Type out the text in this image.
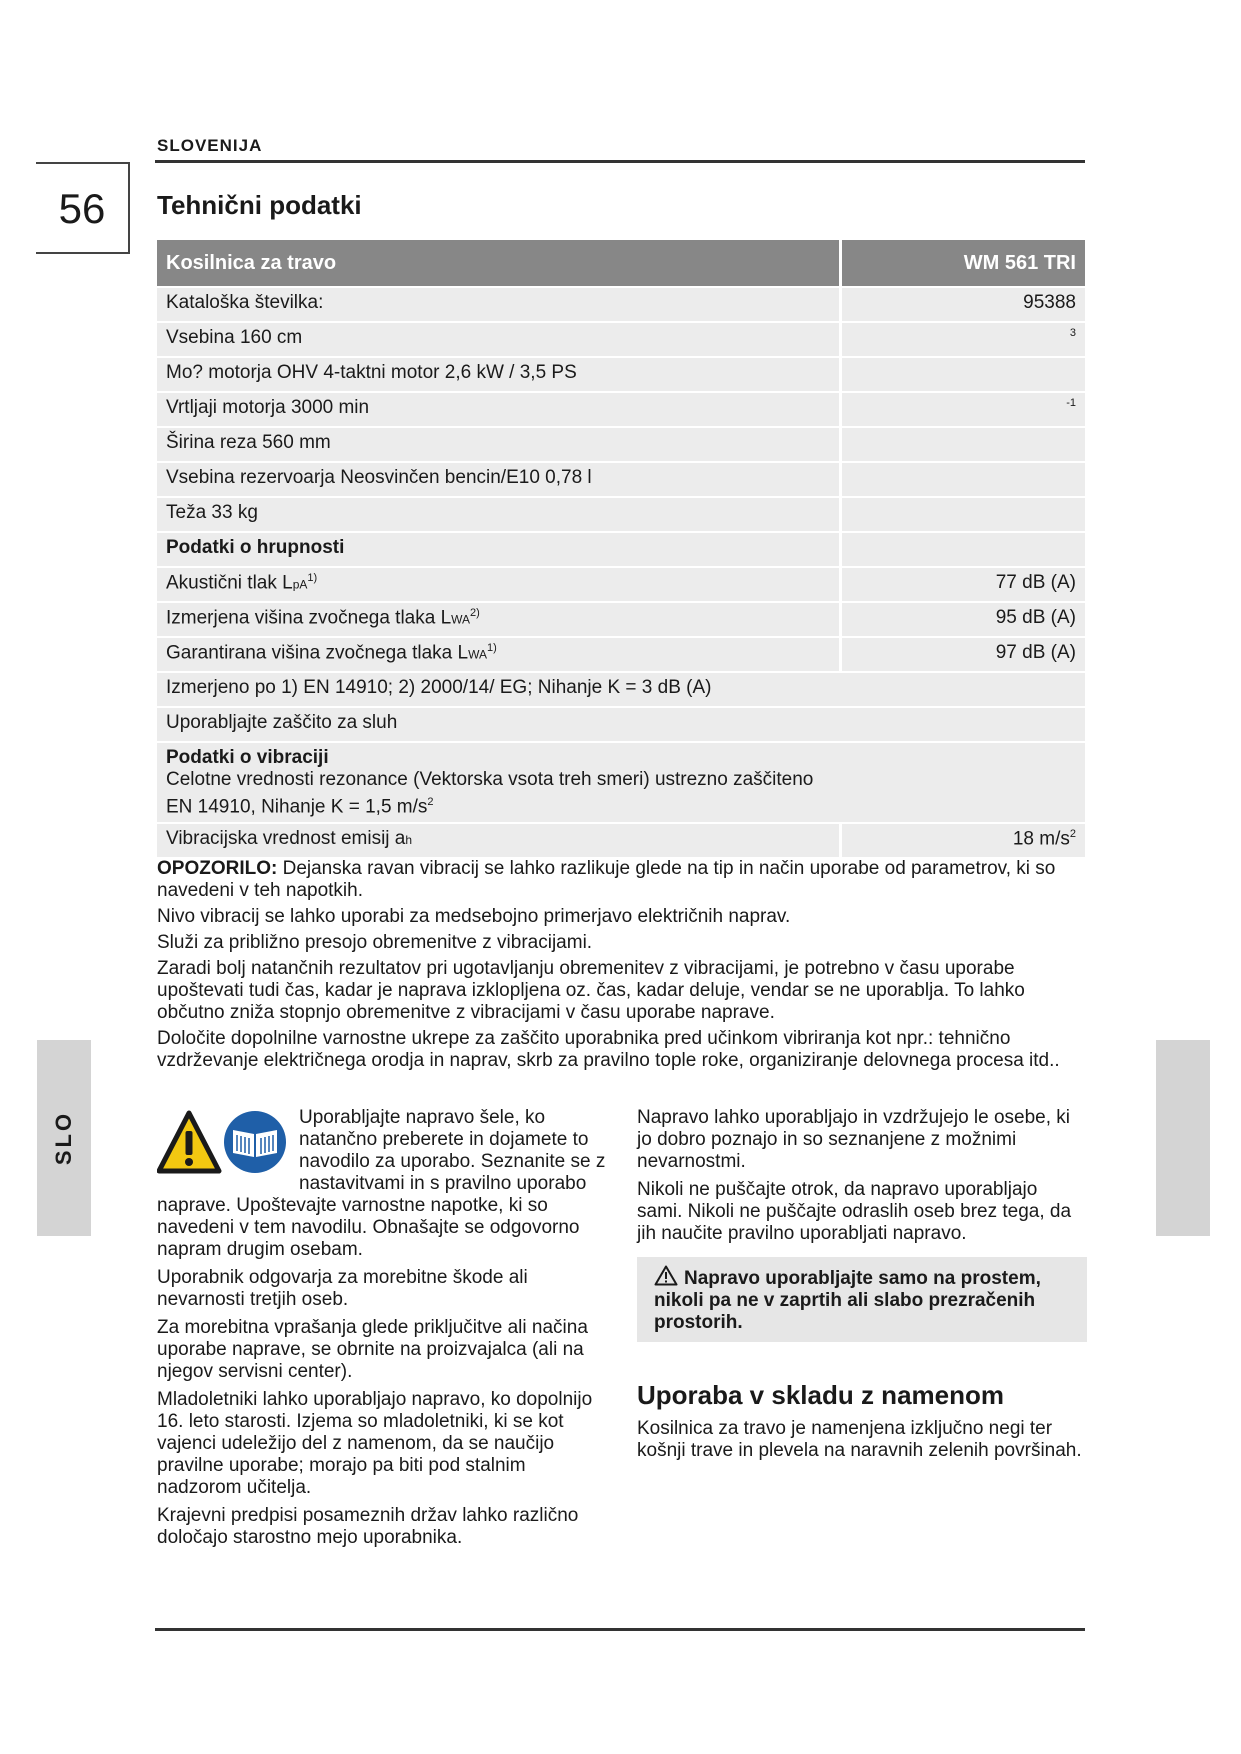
SLOVENIJA
56	Tehnični podatki
Kosilnica za travo	WM 561 TRI
Kataloška številka:	95388
Vsebina 160 cm	3
Mo? motorja OHV 4-taktni motor 2,6 kW / 3,5 PS	
Vrtljaji motorja 3000 min	-1
Širina reza 560 mm	
Vsebina rezervoarja Neosvinčen bencin/E10 0,78 l	
Teža 33 kg	
Podatki o hrupnosti	
Akustični tlak LpA$^{1)}$	77 dB (A)
Izmerjena višina zvočnega tlaka LWA$^{2)}$	95 dB (A)
Garantirana višina zvočnega tlaka LWA$^{1)}$	97 dB (A)
Izmerjeno po 1) EN 14910; 2) 2000/14/ EG; Nihanje K = 3 dB (A)	
Uporabljajte zaščito za sluh	
Podatki o vibraciji
Celotne vrednosti rezonance (Vektorska vsota treh smeri) ustrezno zaščiteno
EN 14910, Nihanje K = 1,5 $m/s^2$

Vibracijska vrednost emisij ah	18 $m/s^2$

OPOZORILO: Dejanska ravan vibracij se lahko razlikuje glede na tip in način uporabe od parametrov, ki so navedeni v teh napotkih.

Nivo vibracij se lahko uporabi za medsebojno primerjavo električnih naprav.

Služi za približno presojo obremenitve z vibracijami.

Zaradi bolj natančnih rezultatov pri ugotavljanju obremenitev z vibracijami, je potrebno v času uporabe upoštevati tudi čas, kadar je naprava izklopljena oz. čas, kadar deluje, vendar se ne uporablja. To lahko občutno zniža stopnjo obremenitve z vibracijami v času uporabe naprave.

Določite dopolnilne varnostne ukrepe za zaščito uporabnika pred učinkom vibriranja kot npr.: tehnično vzdrževanje električnega orodja in naprav, skrb za pravilno tople roke, organiziranje delovnega procesa itd..

SLO	Uporabljajte napravo šele, ko natančno preberete in dojamete to navodilo za uporabo. Seznanite se z nastavitvami in s pravilno uporabo naprave. Upoštevajte varnostne napotke, ki so navedeni v tem navodilu. Obnašajte se odgovorno napram drugim osebam.

Uporabnik odgovarja za morebitne škode ali nevarnosti tretjih oseb.

Za morebitna vprašanja glede priključitve ali načina uporabe naprave, se obrnite na proizvajalca (ali na njegov servisni center).

Mladoletniki lahko uporabljajo napravo, ko dopolnijo 16. leto starosti. Izjema so mladoletniki, ki se kot vajenci udeležijo del z namenom, da se naučijo pravilne uporabe; morajo pa biti pod stalnim nadzorom učitelja.

Krajevni predpisi posameznih držav lahko različno določajo starostno mejo uporabnika.

Napravo lahko uporabljajo in vzdržujejo le osebe, ki jo dobro poznajo in so seznanjene z možnimi nevarnostmi.

Nikoli ne puščajte otrok, da napravo uporabljajo sami. Nikoli ne puščajte odraslih oseb brez tega, da jih naučite pravilno uporabljati napravo.

Napravo uporabljajte samo na prostem, nikoli pa ne v zaprtih ali slabo prezračenih prostorih.
Uporaba v skladu z namenom

Kosilnica za travo je namenjena izključno negi ter košnji trave in plevela na naravnih zelenih površinah.
